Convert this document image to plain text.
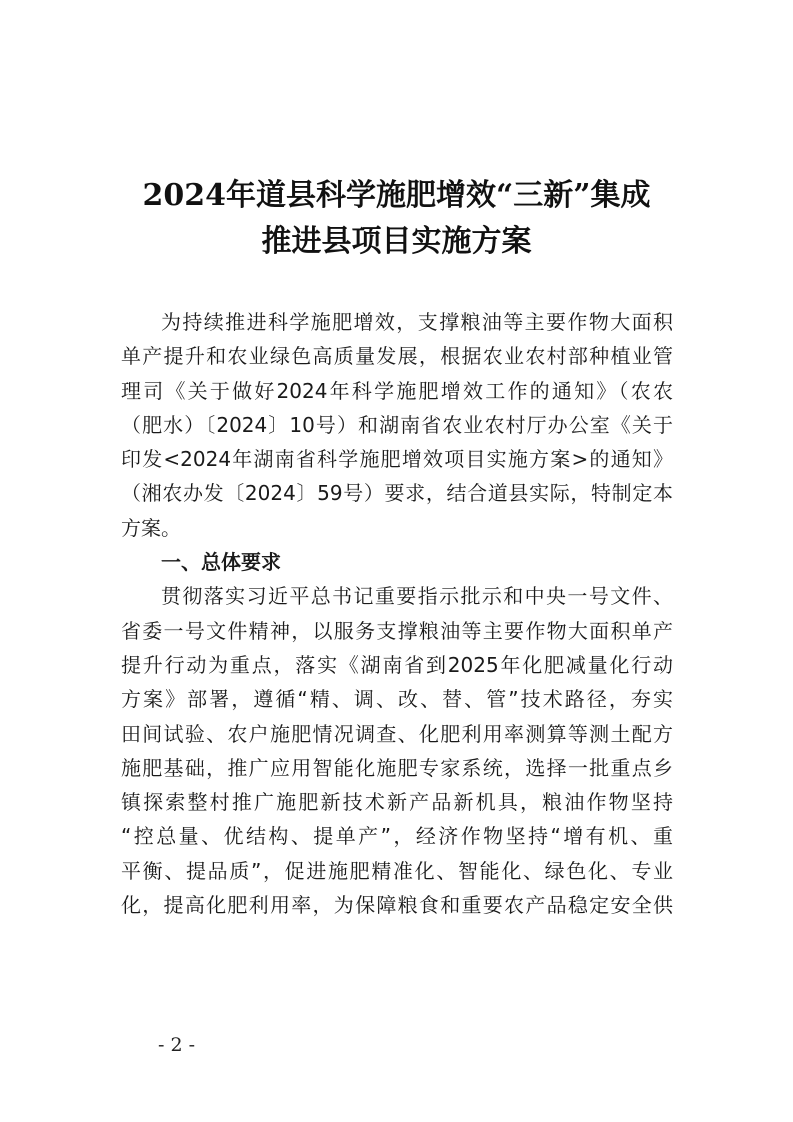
2024年道县科学施肥增效“三新”集成
推进县项目实施方案
为持续推进科学施肥增效，支撑粮油等主要作物大面积
单产提升和农业绿色高质量发展，根据农业农村部种植业管
理司《关于做好2024年科学施肥增效工作的通知》（农农
（肥水）〔2024〕10号）和湖南省农业农村厅办公室《关于
印发<2024年湖南省科学施肥增效项目实施方案>的通知》
（湘农办发〔2024〕59号）要求，结合道县实际，特制定本
方案。
一、总体要求
贯彻落实习近平总书记重要指示批示和中央一号文件、
省委一号文件精神，以服务支撑粮油等主要作物大面积单产
提升行动为重点，落实《湖南省到2025年化肥减量化行动
方案》部署，遵循“精、调、改、替、管”技术路径，夯实
田间试验、农户施肥情况调查、化肥利用率测算等测土配方
施肥基础，推广应用智能化施肥专家系统，选择一批重点乡
镇探索整村推广施肥新技术新产品新机具，粮油作物坚持
“控总量、优结构、提单产”，经济作物坚持“增有机、重
平衡、提品质”，促进施肥精准化、智能化、绿色化、专业
化，提高化肥利用率，为保障粮食和重要农产品稳定安全供
- 2 -
